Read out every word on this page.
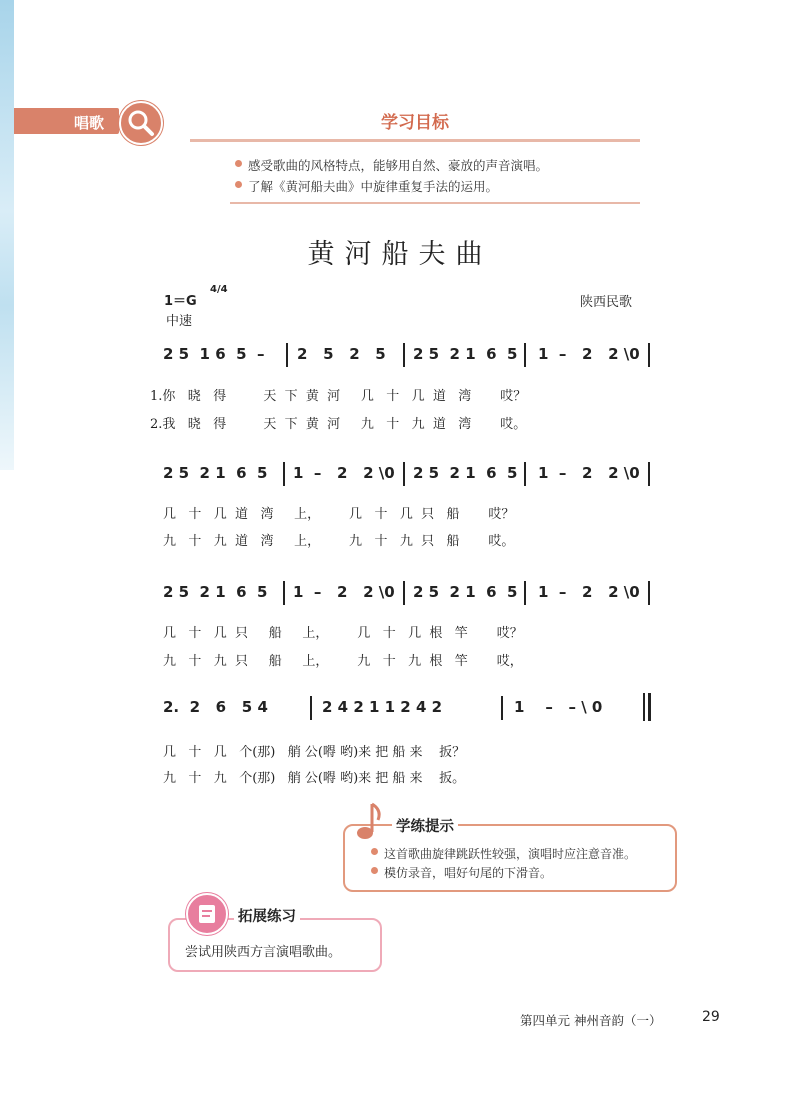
唱歌	学习目标
感受歌曲的风格特点，能够用自然、豪放的声音演唱。
了解《黄河船夫曲》中旋律重复手法的运用。
黄河船夫曲
1＝G
4/4
中速
陕西民歌
2 5  1 6  5  – 2   5   2   5 2 5  2 1  6  5 1  –   2   2 \0
1.你   晓   得         天  下  黄  河     几   十   几  道   湾       哎？
2.我   晓   得         天  下  黄  河     九   十   九  道   湾       哎。
2 5  2 1  6  5 1  –   2   2 \0 2 5  2 1  6  5 1  –   2   2 \0
几   十   几  道   湾     上，       几   十   几  只   船       哎？
九   十   九  道   湾     上，       九   十   九  只   船       哎。
2 5  2 1  6  5 1  –   2   2 \0 2 5  2 1  6  5 1  –   2   2 \0
几   十   几  只     船     上，       几   十   几  根   竿       哎？
九   十   九  只     船     上，       九   十   九  根   竿       哎，
2.  2   6   5 4	2 4 2 1 1 2 4 2	1    –   – \ 0
几   十   几   个(那)   艄 公(嘚 哟)来 把 船 来    扳？
九   十   九   个(那)   艄 公(嘚 哟)来 把 船 来    扳。
学练提示
这首歌曲旋律跳跃性较强，演唱时应注意音准。
模仿录音，唱好句尾的下滑音。
拓展练习
尝试用陕西方言演唱歌曲。
第四单元 神州音韵（一）	29
